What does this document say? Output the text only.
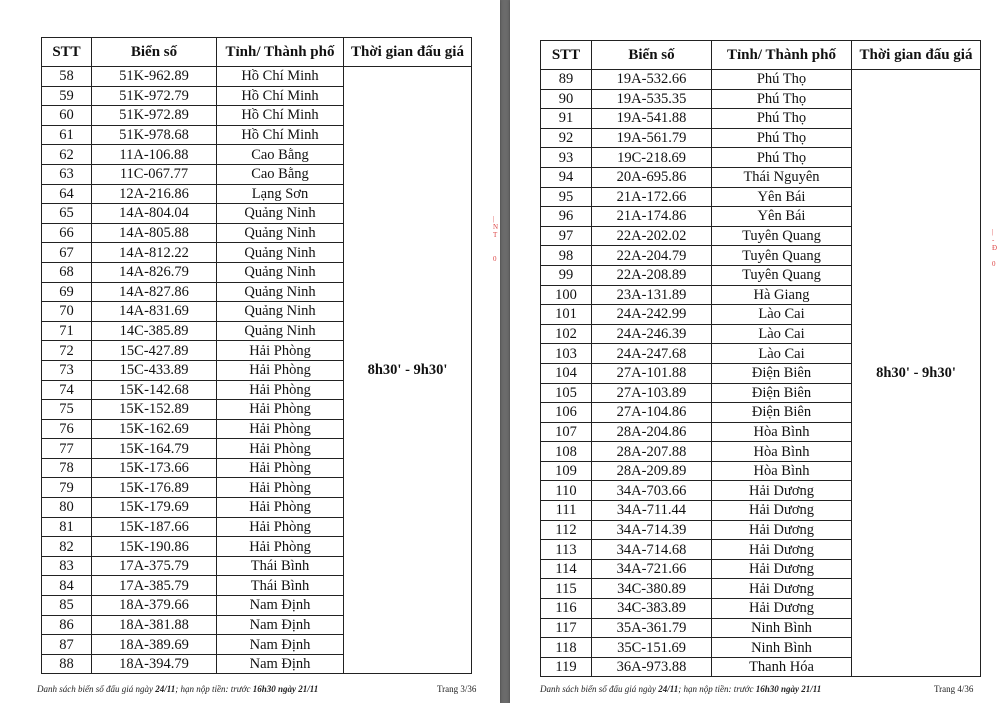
STT	Biển số	Tỉnh/ Thành phố	Thời gian đấu giá
58	51K-962.89	Hồ Chí Minh	8h30' - 9h30'
59	51K-972.79	Hồ Chí Minh	
60	51K-972.89	Hồ Chí Minh	
61	51K-978.68	Hồ Chí Minh	
62	11A-106.88	Cao Bằng	
63	11C-067.77	Cao Bằng	
64	12A-216.86	Lạng Sơn	
65	14A-804.04	Quảng Ninh	
66	14A-805.88	Quảng Ninh	
67	14A-812.22	Quảng Ninh	
68	14A-826.79	Quảng Ninh	
69	14A-827.86	Quảng Ninh	
70	14A-831.69	Quảng Ninh	
71	14C-385.89	Quảng Ninh	
72	15C-427.89	Hải Phòng	
73	15C-433.89	Hải Phòng	
74	15K-142.68	Hải Phòng	
75	15K-152.89	Hải Phòng	
76	15K-162.69	Hải Phòng	
77	15K-164.79	Hải Phòng	
78	15K-173.66	Hải Phòng	
79	15K-176.89	Hải Phòng	
80	15K-179.69	Hải Phòng	
81	15K-187.66	Hải Phòng	
82	15K-190.86	Hải Phòng	
83	17A-375.79	Thái Bình	
84	17A-385.79	Thái Bình	
85	18A-379.66	Nam Định	
86	18A-381.88	Nam Định	
87	18A-389.69	Nam Định	
88	18A-394.79	Nam Định	
|
N
T

0
Danh sách biển số đấu giá ngày 24/11; hạn nộp tiền: trước 16h30 ngày 21/11	Trang 3/36
STT	Biển số	Tỉnh/ Thành phố	Thời gian đấu giá
89	19A-532.66	Phú Thọ	8h30' - 9h30'
90	19A-535.35	Phú Thọ	
91	19A-541.88	Phú Thọ	
92	19A-561.79	Phú Thọ	
93	19C-218.69	Phú Thọ	
94	20A-695.86	Thái Nguyên	
95	21A-172.66	Yên Bái	
96	21A-174.86	Yên Bái	
97	22A-202.02	Tuyên Quang	
98	22A-204.79	Tuyên Quang	
99	22A-208.89	Tuyên Quang	
100	23A-131.89	Hà Giang	
101	24A-242.99	Lào Cai	
102	24A-246.39	Lào Cai	
103	24A-247.68	Lào Cai	
104	27A-101.88	Điện Biên	
105	27A-103.89	Điện Biên	
106	27A-104.86	Điện Biên	
107	28A-204.86	Hòa Bình	
108	28A-207.88	Hòa Bình	
109	28A-209.89	Hòa Bình	
110	34A-703.66	Hải Dương	
111	34A-711.44	Hải Dương	
112	34A-714.39	Hải Dương	
113	34A-714.68	Hải Dương	
114	34A-721.66	Hải Dương	
115	34C-380.89	Hải Dương	
116	34C-383.89	Hải Dương	
117	35A-361.79	Ninh Bình	
118	35C-151.69	Ninh Bình	
119	36A-973.88	Thanh Hóa	
|
-
Đ

0
Danh sách biển số đấu giá ngày 24/11; hạn nộp tiền: trước 16h30 ngày 21/11	Trang 4/36
